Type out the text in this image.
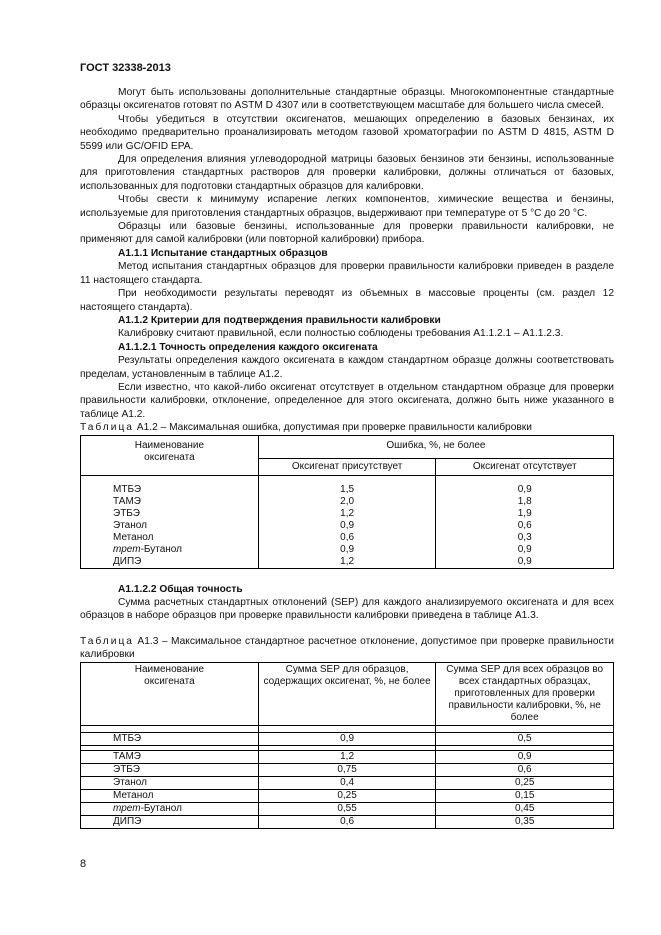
ГОСТ 32338-2013

Могут быть использованы дополнительные стандартные образцы. Многокомпонентные стандартные образцы оксигенатов готовят по ASTM D 4307 или в соответствующем масштабе для большего числа смесей.

Чтобы убедиться в отсутствии оксигенатов, мешающих определению в базовых бензинах, их необходимо предварительно проанализировать методом газовой хроматографии по ASTM D 4815, ASTM D 5599 или GC/OFID EPA.

Для определения влияния углеводородной матрицы базовых бензинов эти бензины, использованные для приготовления стандартных растворов для проверки калибровки, должны отличаться от базовых, использованных для подготовки стандартных образцов для калибровки.

Чтобы свести к минимуму испарение легких компонентов, химические вещества и бензины, используемые для приготовления стандартных образцов, выдерживают при температуре от 5 °C до 20 °C.

Образцы или базовые бензины, использованные для проверки правильности калибровки, не применяют для самой калибровки (или повторной калибровки) прибора.

А1.1.1 Испытание стандартных образцов

Метод испытания стандартных образцов для проверки правильности калибровки приведен в разделе 11 настоящего стандарта.

При необходимости результаты переводят из объемных в массовые проценты (см. раздел 12 настоящего стандарта).

А1.1.2 Критерии для подтверждения правильности калибровки

Калибровку считают правильной, если полностью соблюдены требования А1.1.2.1 – А1.1.2.3.

А1.1.2.1 Точность определения каждого оксигената

Результаты определения каждого оксигената в каждом стандартном образце должны соответствовать пределам, установленным в таблице А1.2.

Если известно, что какой-либо оксигенат отсутствует в отдельном стандартном образце для проверки правильности калибровки, отклонение, определенное для этого оксигената, должно быть ниже указанного в таблице А1.2.

Таблица А1.2 – Максимальная ошибка, допустимая при проверке правильности калибровки

Наименование оксигената	Ошибка, %, не более	
	Оксигенат присутствует	Оксигенат отсутствует

МТБЭ	1,5	0,9
ТАМЭ	2,0	1,8
ЭТБЭ	1,2	1,9
Этанол	0,9	0,6
Метанол	0,6	0,3
трет-Бутанол	0,9	0,9
ДИПЭ	1,2	0,9

А1.1.2.2 Общая точность

Сумма расчетных стандартных отклонений (SEP) для каждого анализируемого оксигената и для всех образцов в наборе образцов при проверке правильности калибровки приведена в таблице А1.3.

Таблица А1.3 – Максимальное стандартное расчетное отклонение, допустимое при проверке правильности калибровки

Наименование оксигената	Сумма SEP для образцов, содержащих оксигенат, %, не более	Сумма SEP для всех образцов во всех стандартных образцах, приготовленных для проверки правильности калибровки, %, не более

МТБЭ	0,9	0,5

ТАМЭ	1,2	0,9
ЭТБЭ	0,75	0,6
Этанол	0,4	0,25
Метанол	0,25	0,15
трет-Бутанол	0,55	0,45
ДИПЭ	0,6	0,35
8
